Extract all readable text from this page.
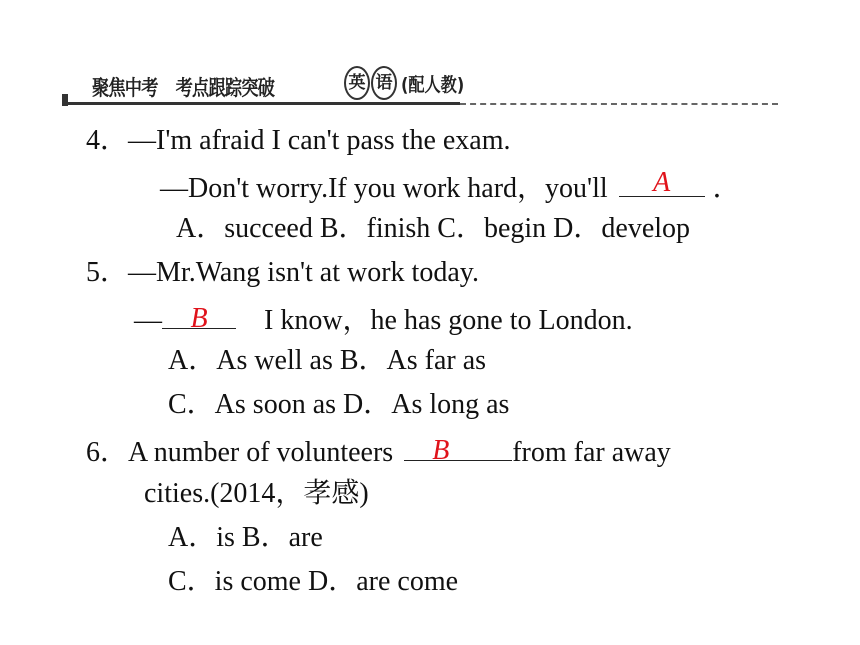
聚焦中考 考点跟踪突破	英 语 (配人教)
4．—I'm afraid I can't pass the exam.
—Don't worry.If you work hard，you'll	A	．
A．succeed B．finish C．begin D．develop
5．—Mr.Wang isn't at work today.
—	B	I know，he has gone to London.
A．As well as B．As far as
C．As soon as D．As long as
6．A number of volunteers B	from far away
cities.(2014，孝感)
A．is B．are
C．is come D．are come
